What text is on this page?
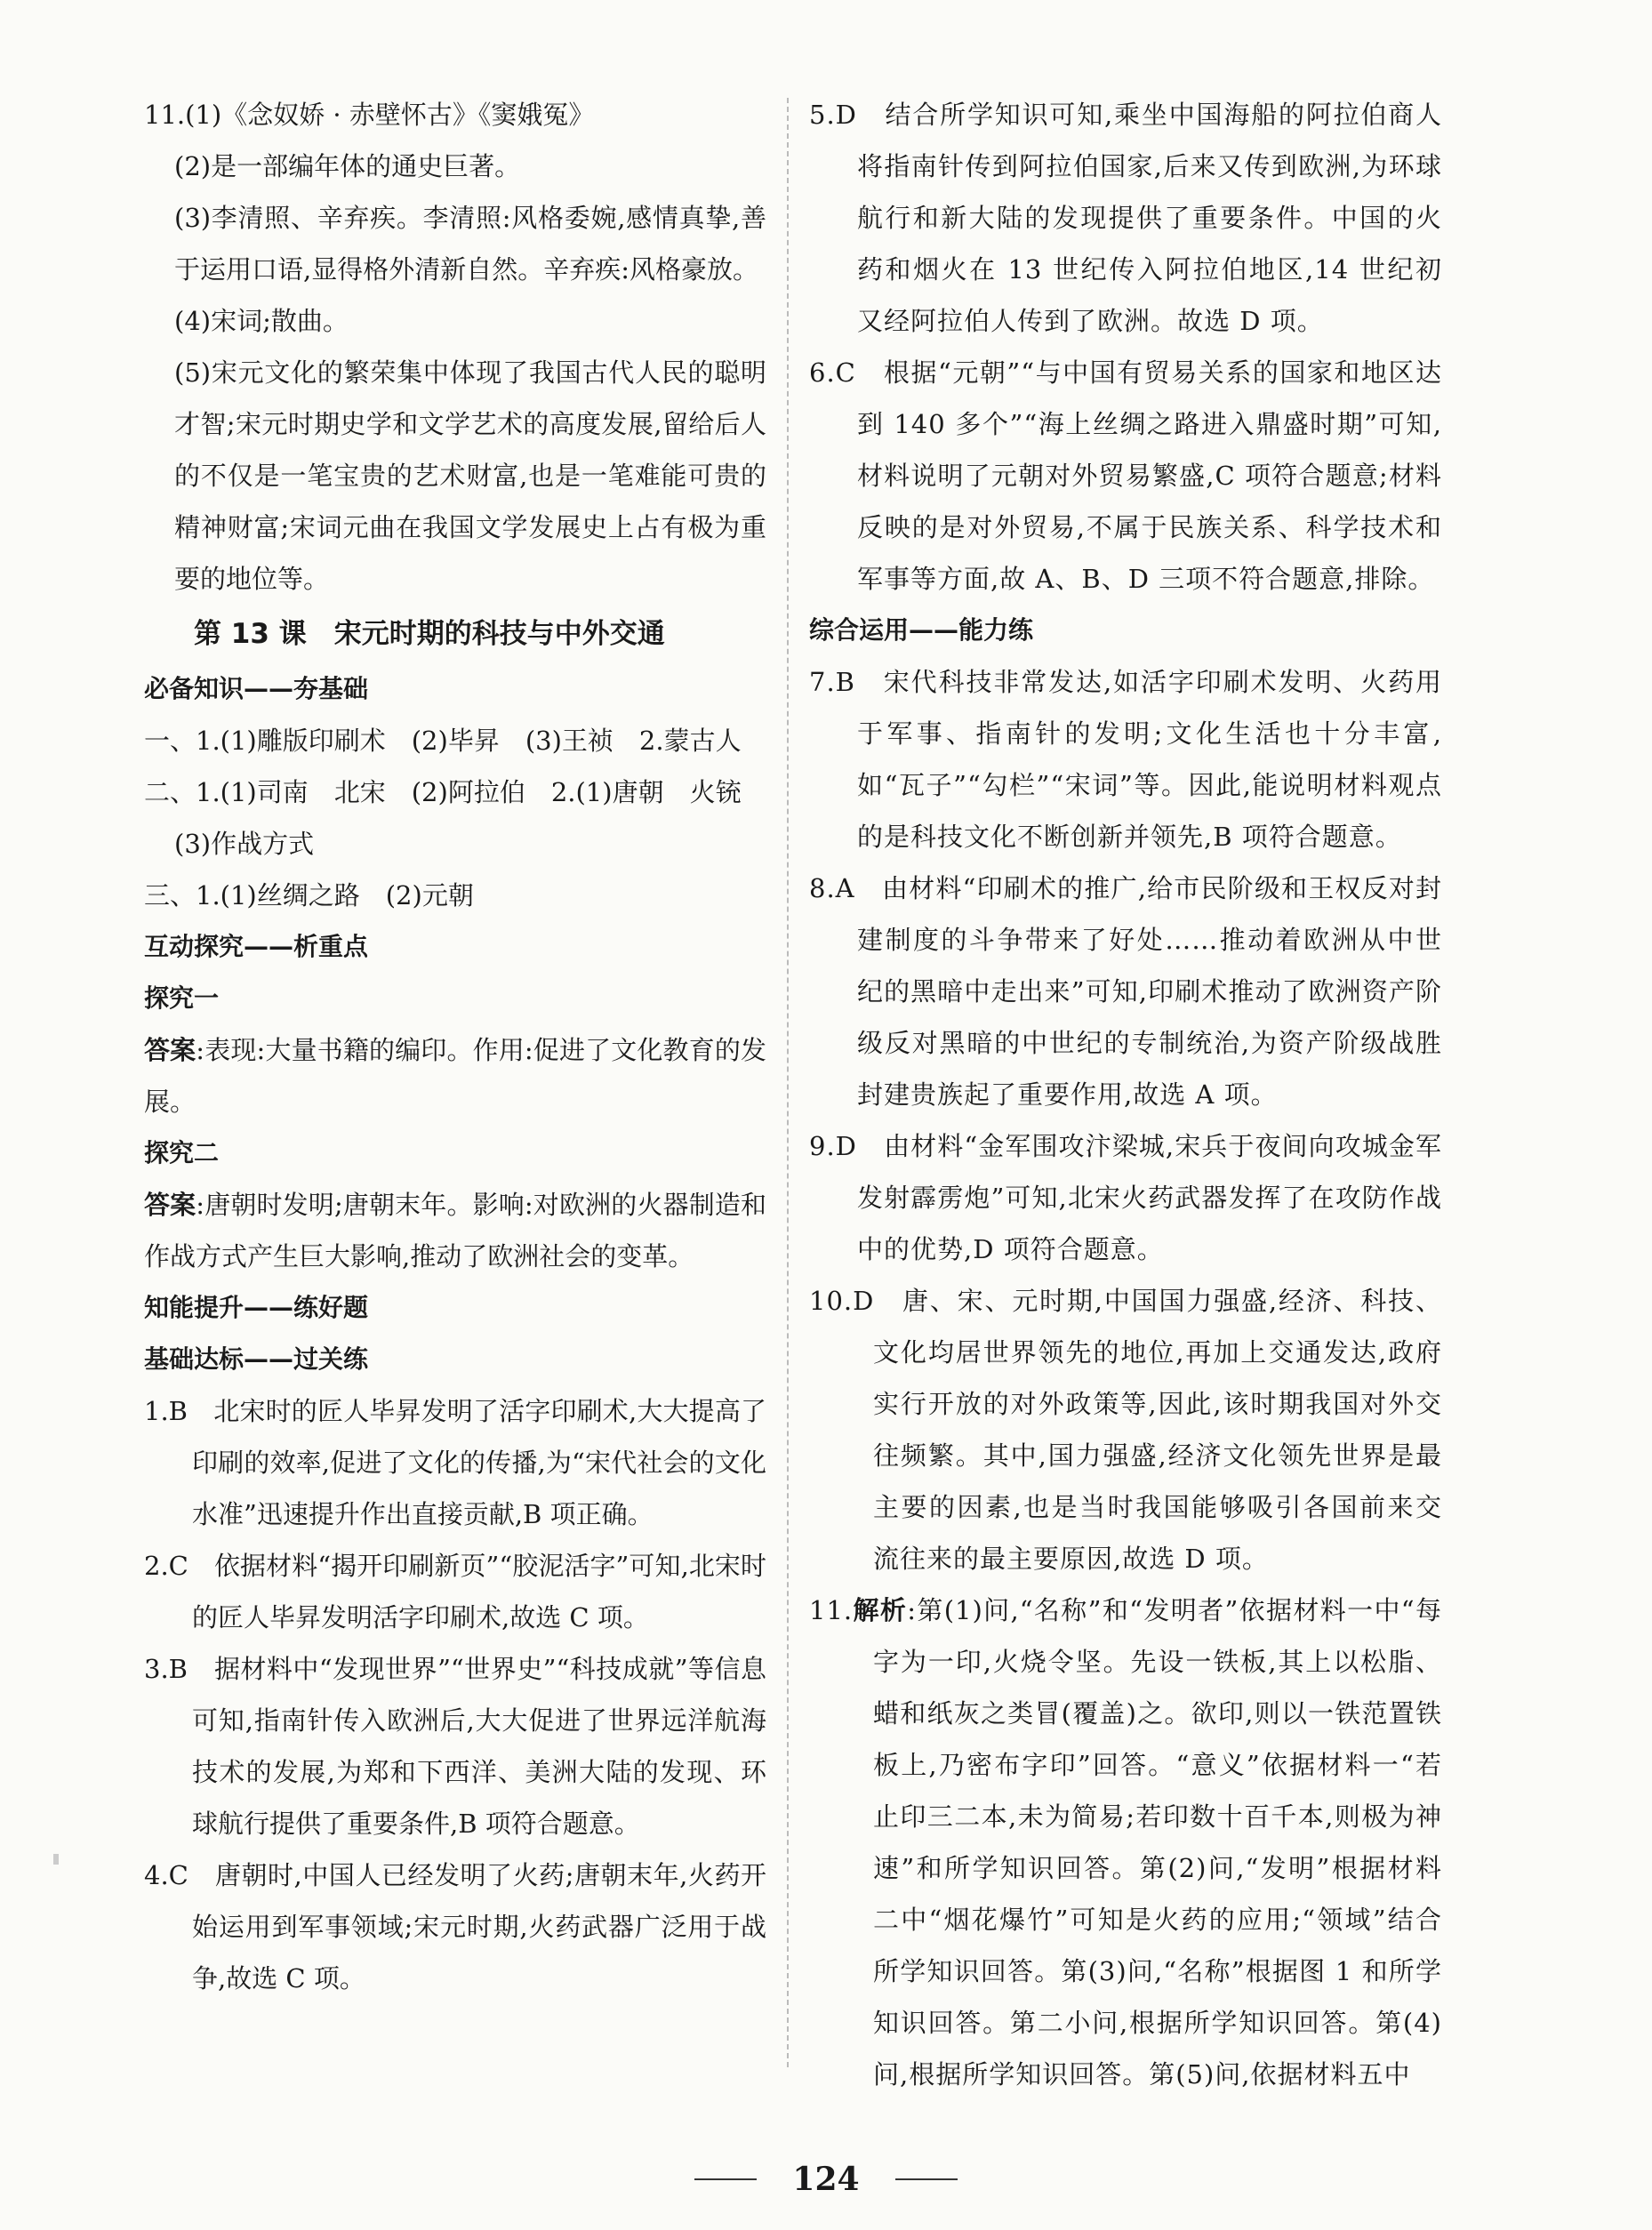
11.(1)《念奴娇 · 赤壁怀古》《窦娥冤》

(2)是一部编年体的通史巨著。

(3)李清照、辛弃疾。李清照:风格委婉,感情真挚,善于运用口语,显得格外清新自然。辛弃疾:风格豪放。

(4)宋词;散曲。

(5)宋元文化的繁荣集中体现了我国古代人民的聪明才智;宋元时期史学和文学艺术的高度发展,留给后人的不仅是一笔宝贵的艺术财富,也是一笔难能可贵的精神财富;宋词元曲在我国文学发展史上占有极为重要的地位等。

第 13 课　宋元时期的科技与中外交通
必备知识——夯基础

一、1.(1)雕版印刷术　(2)毕昇　(3)王祯　2.蒙古人

二、1.(1)司南　北宋　(2)阿拉伯　2.(1)唐朝　火铳

(3)作战方式

三、1.(1)丝绸之路　(2)元朝

互动探究——析重点
探究一

答案:表现:大量书籍的编印。作用:促进了文化教育的发展。

探究二

答案:唐朝时发明;唐朝末年。影响:对欧洲的火器制造和作战方式产生巨大影响,推动了欧洲社会的变革。

知能提升——练好题
基础达标——过关练

1.B　北宋时的匠人毕昇发明了活字印刷术,大大提高了印刷的效率,促进了文化的传播,为“宋代社会的文化水准”迅速提升作出直接贡献,B 项正确。

2.C　依据材料“揭开印刷新页”“胶泥活字”可知,北宋时的匠人毕昇发明活字印刷术,故选 C 项。

3.B　据材料中“发现世界”“世界史”“科技成就”等信息可知,指南针传入欧洲后,大大促进了世界远洋航海技术的发展,为郑和下西洋、美洲大陆的发现、环球航行提供了重要条件,B 项符合题意。

4.C　唐朝时,中国人已经发明了火药;唐朝末年,火药开始运用到军事领域;宋元时期,火药武器广泛用于战争,故选 C 项。

5.D　结合所学知识可知,乘坐中国海船的阿拉伯商人将指南针传到阿拉伯国家,后来又传到欧洲,为环球航行和新大陆的发现提供了重要条件。中国的火药和烟火在 13 世纪传入阿拉伯地区,14 世纪初又经阿拉伯人传到了欧洲。故选 D 项。

6.C　根据“元朝”“与中国有贸易关系的国家和地区达到 140 多个”“海上丝绸之路进入鼎盛时期”可知,材料说明了元朝对外贸易繁盛,C 项符合题意;材料反映的是对外贸易,不属于民族关系、科学技术和军事等方面,故 A、B、D 三项不符合题意,排除。

综合运用——能力练

7.B　宋代科技非常发达,如活字印刷术发明、火药用于军事、指南针的发明;文化生活也十分丰富,如“瓦子”“勾栏”“宋词”等。因此,能说明材料观点的是科技文化不断创新并领先,B 项符合题意。

8.A　由材料“印刷术的推广,给市民阶级和王权反对封建制度的斗争带来了好处……推动着欧洲从中世纪的黑暗中走出来”可知,印刷术推动了欧洲资产阶级反对黑暗的中世纪的专制统治,为资产阶级战胜封建贵族起了重要作用,故选 A 项。

9.D　由材料“金军围攻汴梁城,宋兵于夜间向攻城金军发射霹雳炮”可知,北宋火药武器发挥了在攻防作战中的优势,D 项符合题意。

10.D　唐、宋、元时期,中国国力强盛,经济、科技、文化均居世界领先的地位,再加上交通发达,政府实行开放的对外政策等,因此,该时期我国对外交往频繁。其中,国力强盛,经济文化领先世界是最主要的因素,也是当时我国能够吸引各国前来交流往来的最主要原因,故选 D 项。

11.解析:第(1)问,“名称”和“发明者”依据材料一中“每字为一印,火烧令坚。先设一铁板,其上以松脂、蜡和纸灰之类冒(覆盖)之。欲印,则以一铁范置铁板上,乃密布字印”回答。“意义”依据材料一“若止印三二本,未为简易;若印数十百千本,则极为神速”和所学知识回答。第(2)问,“发明”根据材料二中“烟花爆竹”可知是火药的应用;“领域”结合所学知识回答。第(3)问,“名称”根据图 1 和所学知识回答。第二小问,根据所学知识回答。第(4)问,根据所学知识回答。第(5)问,依据材料五中

124
